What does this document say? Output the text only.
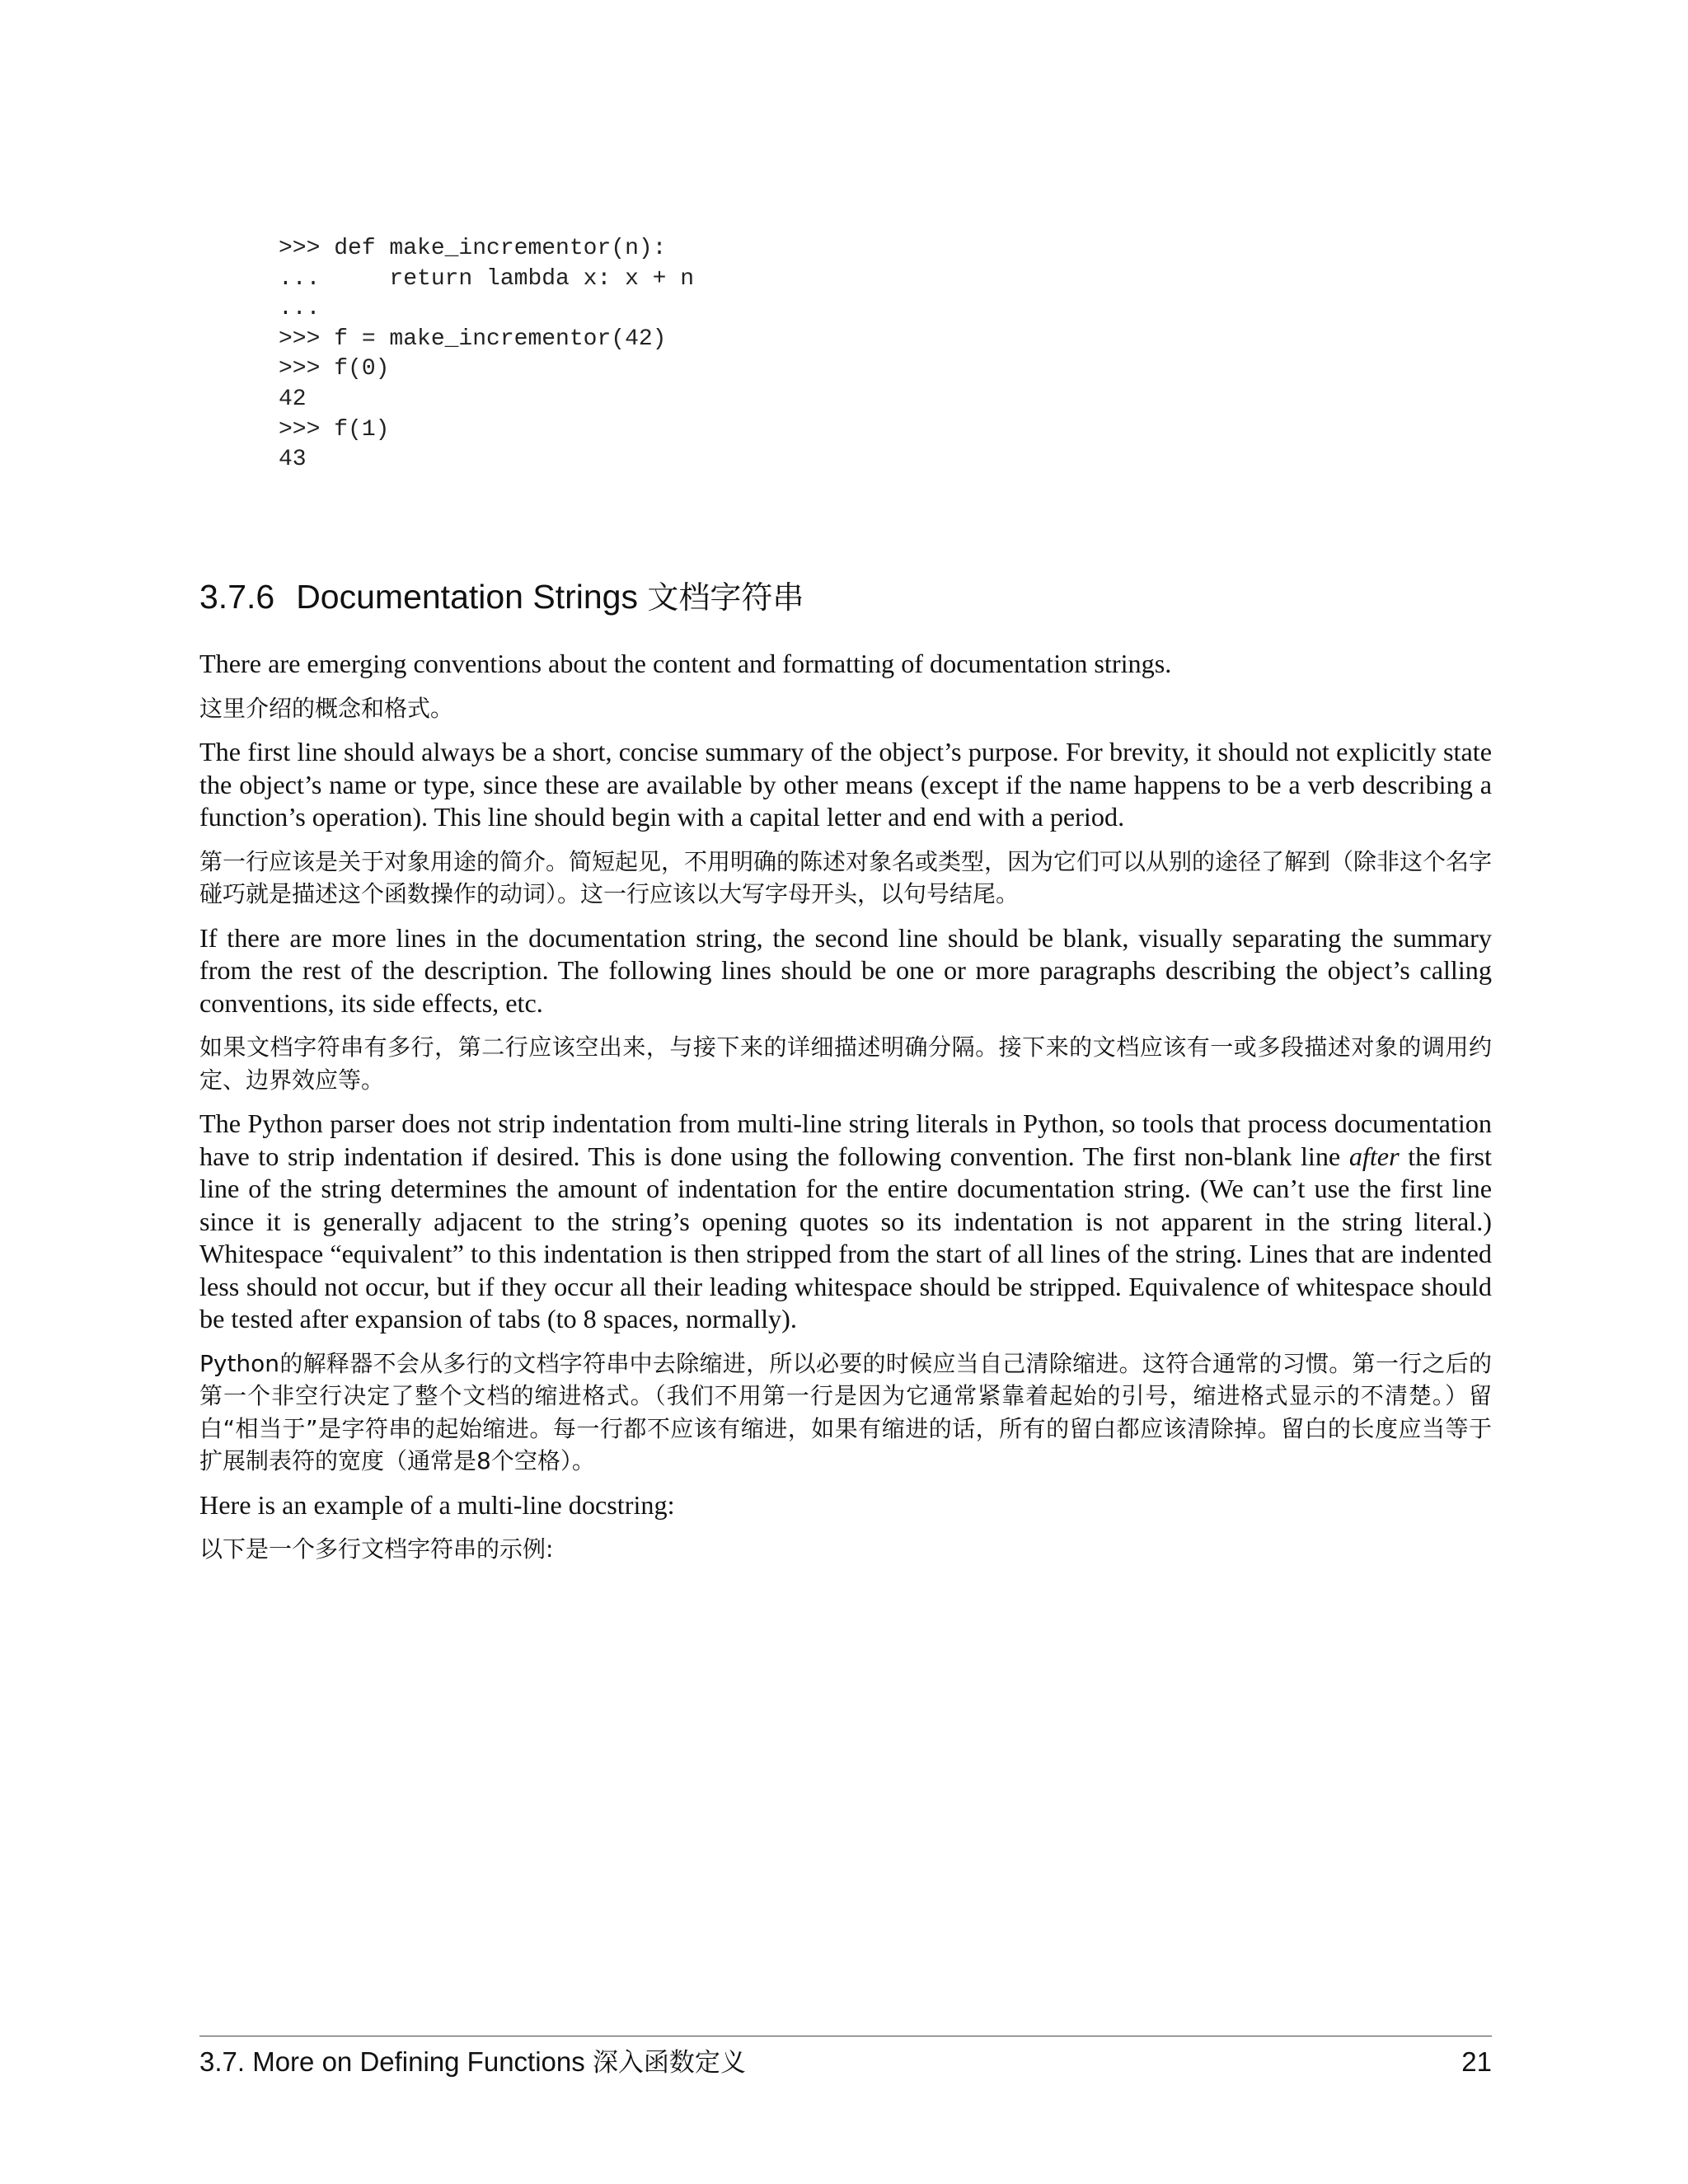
>>> def make_incrementor(n):
...     return lambda x: x + n
...
>>> f = make_incrementor(42)
>>> f(0)
42
>>> f(1)
43
3.7.6 Documentation Strings 文档字符串

There are emerging conventions about the content and formatting of documentation strings.

这里介绍的概念和格式。

The first line should always be a short, concise summary of the object’s purpose. For brevity, it should not explicitly state the object’s name or type, since these are available by other means (except if the name happens to be a verb describing a function’s operation). This line should begin with a capital letter and end with a period.

第一行应该是关于对象用途的简介。简短起见，不用明确的陈述对象名或类型，因为它们可以从别的途径了解到（除非这个名字碰巧就是描述这个函数操作的动词）。这一行应该以大写字母开头，以句号结尾。

If there are more lines in the documentation string, the second line should be blank, visually separating the summary from the rest of the description. The following lines should be one or more paragraphs describing the object’s calling conventions, its side effects, etc.

如果文档字符串有多行，第二行应该空出来，与接下来的详细描述明确分隔。接下来的文档应该有一或多段描述对象的调用约定、边界效应等。

The Python parser does not strip indentation from multi-line string literals in Python, so tools that process documentation have to strip indentation if desired. This is done using the following convention. The first non-blank line after the first line of the string determines the amount of indentation for the entire documentation string. (We can’t use the first line since it is generally adjacent to the string’s opening quotes so its indentation is not apparent in the string literal.) Whitespace “equivalent” to this indentation is then stripped from the start of all lines of the string. Lines that are indented less should not occur, but if they occur all their leading whitespace should be stripped. Equivalence of whitespace should be tested after expansion of tabs (to 8 spaces, normally).

Python的解释器不会从多行的文档字符串中去除缩进，所以必要的时候应当自己清除缩进。这符合通常的习惯。第一行之后的第一个非空行决定了整个文档的缩进格式。（我们不用第一行是因为它通常紧靠着起始的引号，缩进格式显示的不清楚。）留白“相当于”是字符串的起始缩进。每一行都不应该有缩进，如果有缩进的话，所有的留白都应该清除掉。留白的长度应当等于扩展制表符的宽度（通常是8个空格）。

Here is an example of a multi-line docstring:

以下是一个多行文档字符串的示例:

3.7. More on Defining Functions 深入函数定义	21
